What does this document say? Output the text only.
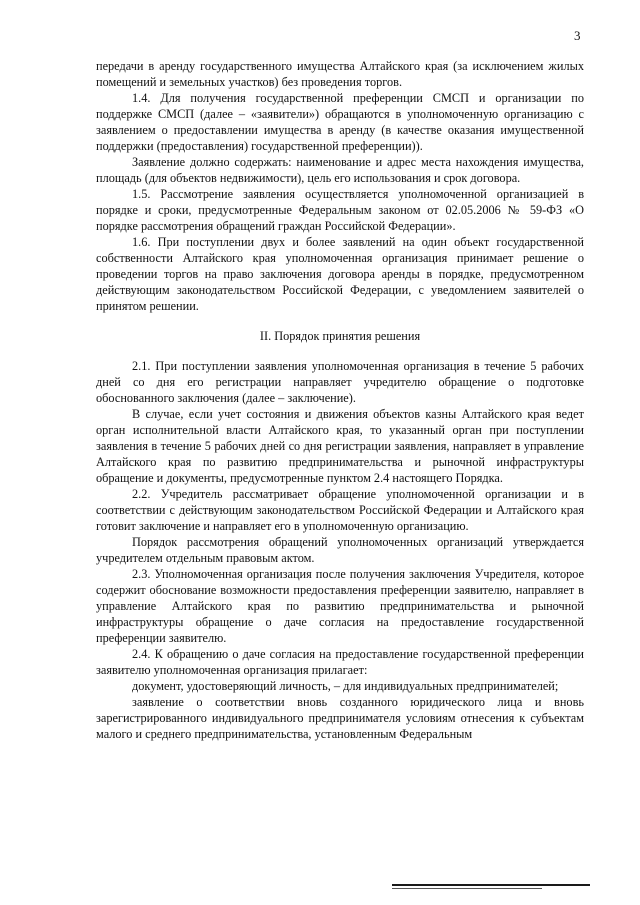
3

передачи в аренду государственного имущества Алтайского края (за исключением жилых помещений и земельных участков) без проведения торгов.

1.4. Для получения государственной преференции СМСП и организации по поддержке СМСП (далее – «заявители») обращаются в уполномоченную организацию с заявлением о предоставлении имущества в аренду (в качестве оказания имущественной поддержки (предоставления) государственной преференции)).

Заявление должно содержать: наименование и адрес места нахождения имущества, площадь (для объектов недвижимости), цель его использования и срок договора.

1.5. Рассмотрение заявления осуществляется уполномоченной организацией в порядке и сроки, предусмотренные Федеральным законом от 02.05.2006 № 59-ФЗ «О порядке рассмотрения обращений граждан Российской Федерации».

1.6. При поступлении двух и более заявлений на один объект государственной собственности Алтайского края уполномоченная организация принимает решение о проведении торгов на право заключения договора аренды в порядке, предусмотренном действующим законодательством Российской Федерации, с уведомлением заявителей о принятом решении.

II. Порядок принятия решения

2.1. При поступлении заявления уполномоченная организация в течение 5 рабочих дней со дня его регистрации направляет учредителю обращение о подготовке обоснованного заключения (далее – заключение).

В случае, если учет состояния и движения объектов казны Алтайского края ведет орган исполнительной власти Алтайского края, то указанный орган при поступлении заявления в течение 5 рабочих дней со дня регистрации заявления, направляет в управление Алтайского края по развитию предпринимательства и рыночной инфраструктуры обращение и документы, предусмотренные пунктом 2.4 настоящего Порядка.

2.2. Учредитель рассматривает обращение уполномоченной организации и в соответствии с действующим законодательством Российской Федерации и Алтайского края готовит заключение и направляет его в уполномоченную организацию.

Порядок рассмотрения обращений уполномоченных организаций утверждается учредителем отдельным правовым актом.

2.3. Уполномоченная организация после получения заключения Учредителя, которое содержит обоснование возможности предоставления преференции заявителю, направляет в управление Алтайского края по развитию предпринимательства и рыночной инфраструктуры обращение о даче согласия на предоставление государственной преференции заявителю.

2.4. К обращению о даче согласия на предоставление государственной преференции заявителю уполномоченная организация прилагает:

документ, удостоверяющий личность, – для индивидуальных предпринимателей;

заявление о соответствии вновь созданного юридического лица и вновь зарегистрированного индивидуального предпринимателя условиям отнесения к субъектам малого и среднего предпринимательства, установленным Федеральным
